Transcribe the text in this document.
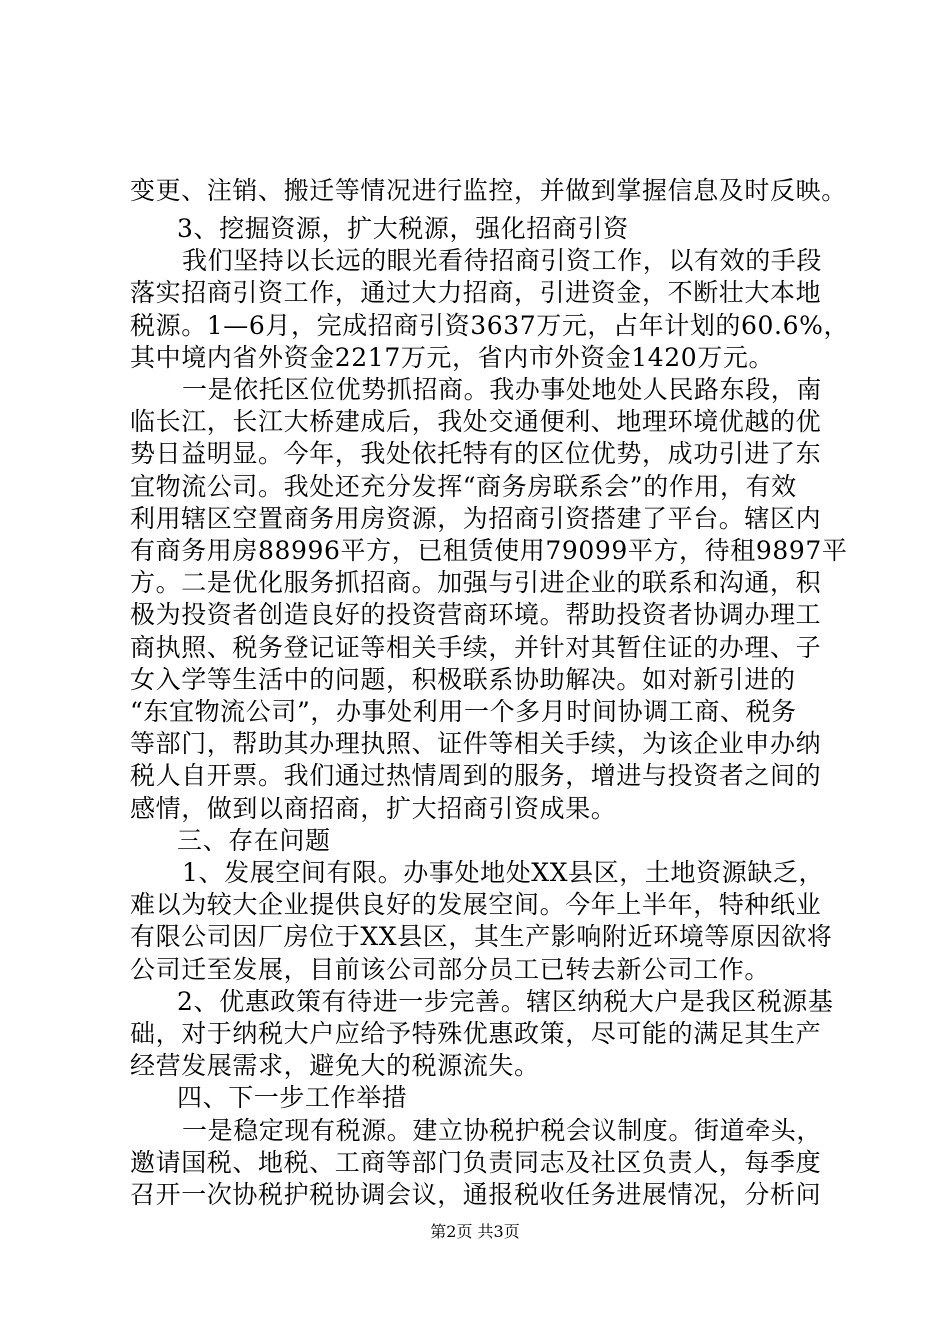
变更、注销、搬迁等情况进行监控，并做到掌握信息及时反映。
3、挖掘资源，扩大税源，强化招商引资
我们坚持以长远的眼光看待招商引资工作，以有效的手段
落实招商引资工作，通过大力招商，引进资金，不断壮大本地
税源。1—6月，完成招商引资3637万元，占年计划的60.6%，
其中境内省外资金2217万元，省内市外资金1420万元。
一是依托区位优势抓招商。我办事处地处人民路东段，南
临长江，长江大桥建成后，我处交通便利、地理环境优越的优
势日益明显。今年，我处依托特有的区位优势，成功引进了东
宜物流公司。我处还充分发挥“商务房联系会”的作用，有效
利用辖区空置商务用房资源，为招商引资搭建了平台。辖区内
有商务用房88996平方，已租赁使用79099平方，待租9897平
方。二是优化服务抓招商。加强与引进企业的联系和沟通，积
极为投资者创造良好的投资营商环境。帮助投资者协调办理工
商执照、税务登记证等相关手续，并针对其暂住证的办理、子
女入学等生活中的问题，积极联系协助解决。如对新引进的
“东宜物流公司”，办事处利用一个多月时间协调工商、税务
等部门，帮助其办理执照、证件等相关手续，为该企业申办纳
税人自开票。我们通过热情周到的服务，增进与投资者之间的
感情，做到以商招商，扩大招商引资成果。
三、存在问题
1、发展空间有限。办事处地处XX县区，土地资源缺乏，
难以为较大企业提供良好的发展空间。今年上半年，特种纸业
有限公司因厂房位于XX县区，其生产影响附近环境等原因欲将
公司迁至发展，目前该公司部分员工已转去新公司工作。
2、优惠政策有待进一步完善。辖区纳税大户是我区税源基
础，对于纳税大户应给予特殊优惠政策，尽可能的满足其生产
经营发展需求，避免大的税源流失。
四、下一步工作举措
一是稳定现有税源。建立协税护税会议制度。街道牵头，
邀请国税、地税、工商等部门负责同志及社区负责人，每季度
召开一次协税护税协调会议，通报税收任务进展情况，分析问
第2页 共3页
